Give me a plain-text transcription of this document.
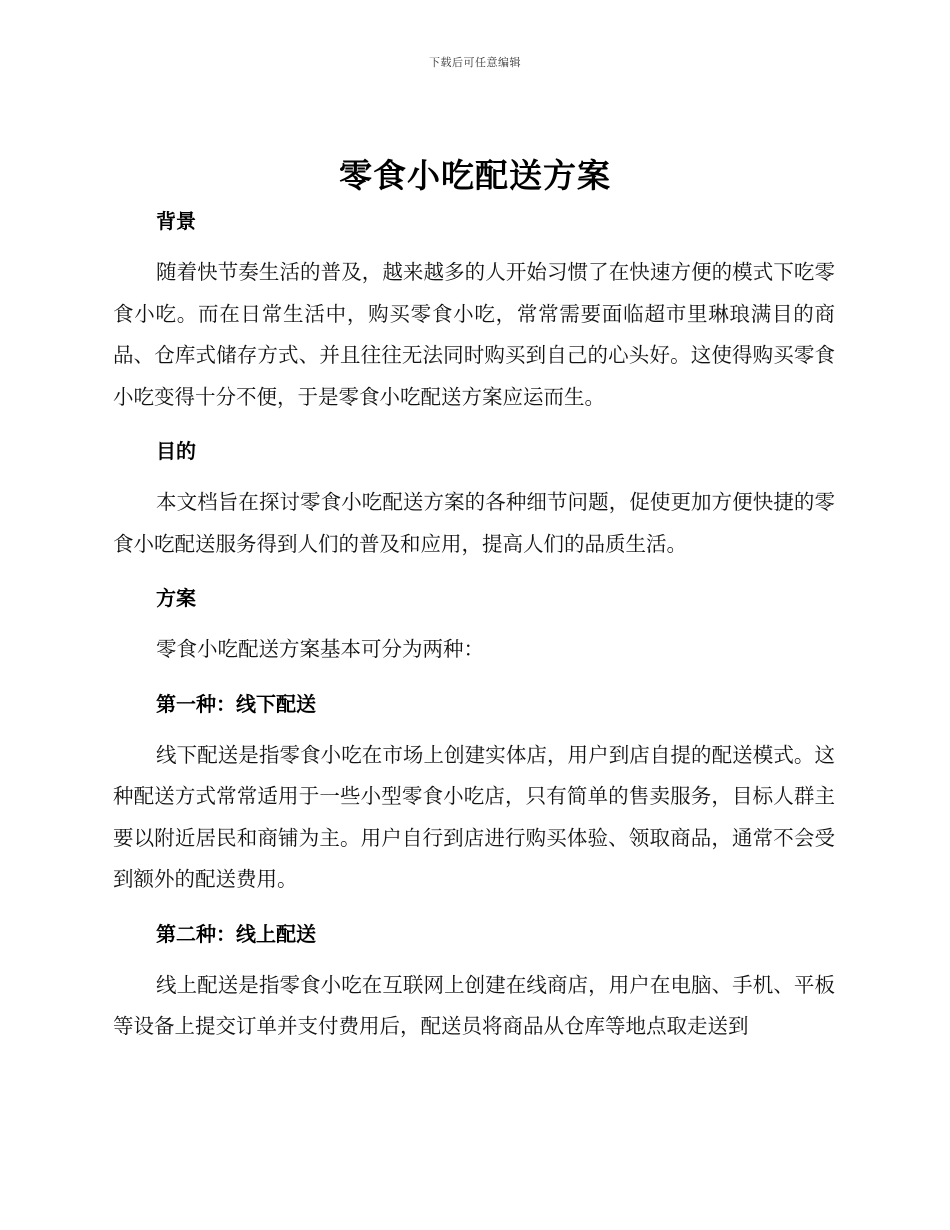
下载后可任意编辑
零食小吃配送方案
背景

随着快节奏生活的普及，越来越多的人开始习惯了在快速方便的模式下吃零食小吃。而在日常生活中，购买零食小吃，常常需要面临超市里琳琅满目的商品、仓库式储存方式、并且往往无法同时购买到自己的心头好。这使得购买零食小吃变得十分不便，于是零食小吃配送方案应运而生。

目的

本文档旨在探讨零食小吃配送方案的各种细节问题，促使更加方便快捷的零食小吃配送服务得到人们的普及和应用，提高人们的品质生活。

方案

零食小吃配送方案基本可分为两种：

第一种：线下配送

线下配送是指零食小吃在市场上创建实体店，用户到店自提的配送模式。这种配送方式常常适用于一些小型零食小吃店，只有简单的售卖服务，目标人群主要以附近居民和商铺为主。用户自行到店进行购买体验、领取商品，通常不会受到额外的配送费用。

第二种：线上配送

线上配送是指零食小吃在互联网上创建在线商店，用户在电脑、手机、平板等设备上提交订单并支付费用后，配送员将商品从仓库等地点取走送到
